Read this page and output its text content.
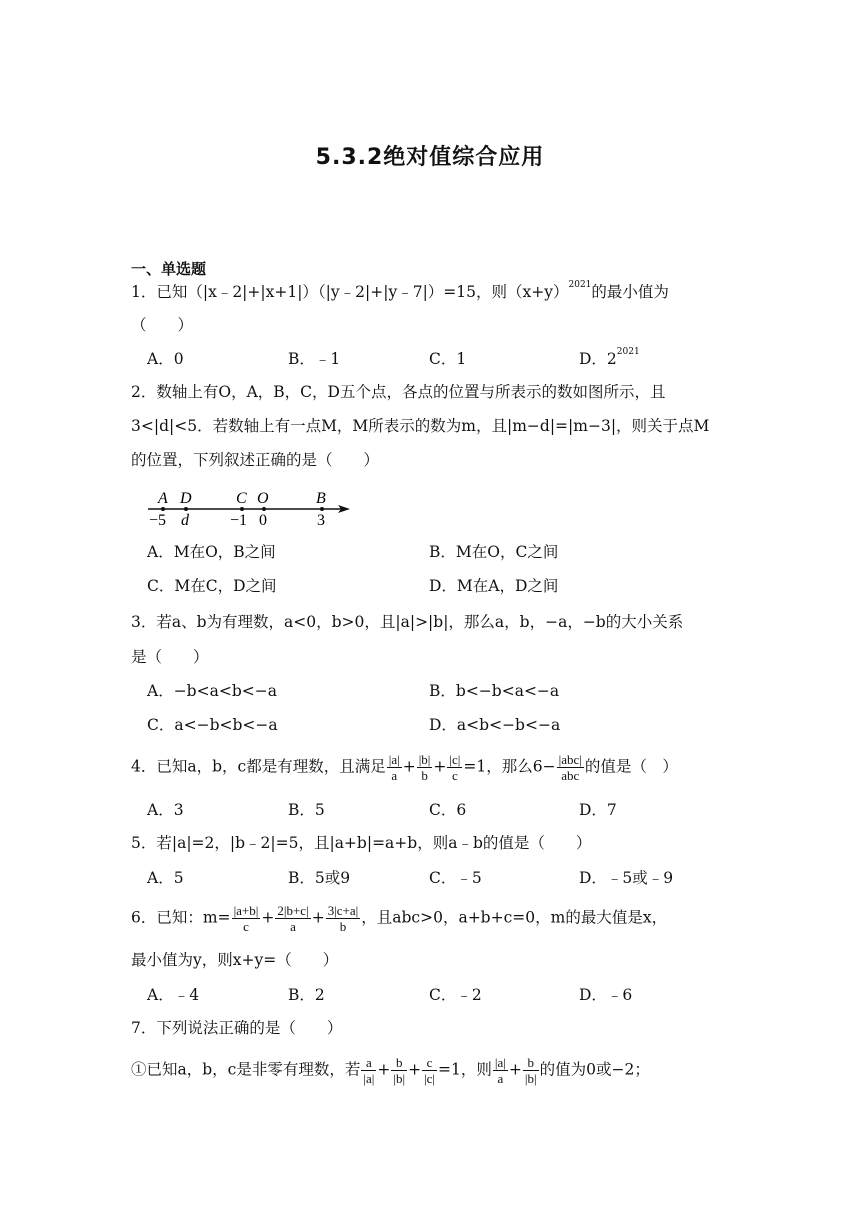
5.3.2绝对值综合应用
一、单选题
1．已知（|x﹣2|+|x+1|）（|y﹣2|+|y﹣7|）=15，则$(x+y)^{2021}$的最小值为
（　　）
A．0	B．﹣1	C．1	D．$2^{2021}$
2．数轴上有O，A，B，C，D五个点，各点的位置与所表示的数如图所示，且
3<|d|<5．若数轴上有一点M，M所表示的数为m，且|m−d|=|m−3|，则关于点M
的位置，下列叙述正确的是（　　）
A
−5
D
d
C
−1
O
0
B
3
A．M在O，B之间	B．M在O，C之间
C．M在C，D之间	D．M在A，D之间
3．若a、b为有理数，a<0，b>0，且|a|>|b|，那么a，b，−a，−b的大小关系
是（　　）
A．−b<a<b<−a	B．b<−b<a<−a
C．a<−b<b<−a	D．a<b<−b<−a
4．已知a，b，c都是有理数，且满足 $\frac{|a|}{a} + \frac{|b|}{b} + \frac{|c|}{c} =1$，那么$6- \frac{\text{|abc|}}{\text{abc}}$ 的值是（　）
A．3	B．5	C．6	D．7
5．若|a|=2，|b﹣2|=5，且|a+b|=a+b，则a﹣b的值是（　　）
A．5	B．5或9	C．﹣5	D．﹣5或﹣9
6．已知：$m= \frac{|a+b|}{c} + \frac{2|b+c|}{a} + \frac{3|c+a|}{b}$ ，且abc>0，a+b+c=0，m的最大值是x，
最小值为y，则x+y=（　　）
A．﹣4	B．2	C．﹣2	D．﹣6
7．下列说法正确的是（　　）
①已知a，b，c是非零有理数，若 $\frac{a}{|a|} + \frac{b}{|b|} + \frac{c}{|c|} =1$，则 $\frac{|a|}{a} + \frac{b}{|b|}$ 的值为0或−2；
